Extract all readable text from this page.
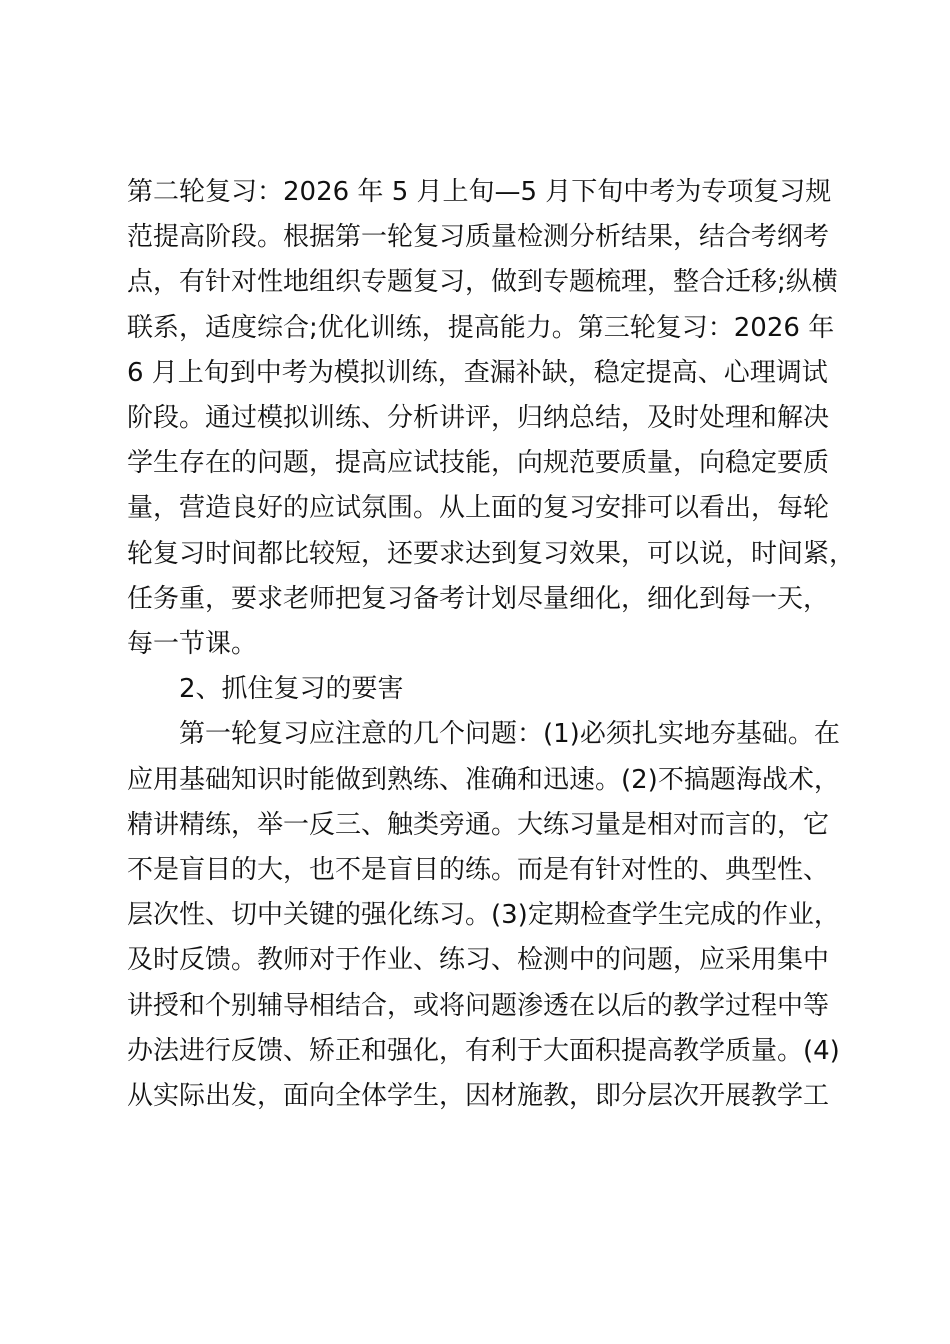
第二轮复习：2026 年 5 月上旬—5 月下旬中考为专项复习规
范提高阶段。根据第一轮复习质量检测分析结果，结合考纲考
点，有针对性地组织专题复习，做到专题梳理，整合迁移;纵横
联系，适度综合;优化训练，提高能力。第三轮复习：2026 年
6 月上旬到中考为模拟训练，查漏补缺，稳定提高、心理调试
阶段。通过模拟训练、分析讲评，归纳总结，及时处理和解决
学生存在的问题，提高应试技能，向规范要质量，向稳定要质
量，营造良好的应试氛围。从上面的复习安排可以看出，每轮
轮复习时间都比较短，还要求达到复习效果，可以说，时间紧，
任务重，要求老师把复习备考计划尽量细化，细化到每一天，
每一节课。

2、抓住复习的要害

第一轮复习应注意的几个问题：(1)必须扎实地夯基础。在
应用基础知识时能做到熟练、准确和迅速。(2)不搞题海战术，
精讲精练，举一反三、触类旁通。大练习量是相对而言的，它
不是盲目的大，也不是盲目的练。而是有针对性的、典型性、
层次性、切中关键的强化练习。(3)定期检查学生完成的作业，
及时反馈。教师对于作业、练习、检测中的问题，应采用集中
讲授和个别辅导相结合，或将问题渗透在以后的教学过程中等
办法进行反馈、矫正和强化，有利于大面积提高教学质量。(4)
从实际出发，面向全体学生，因材施教，即分层次开展教学工
